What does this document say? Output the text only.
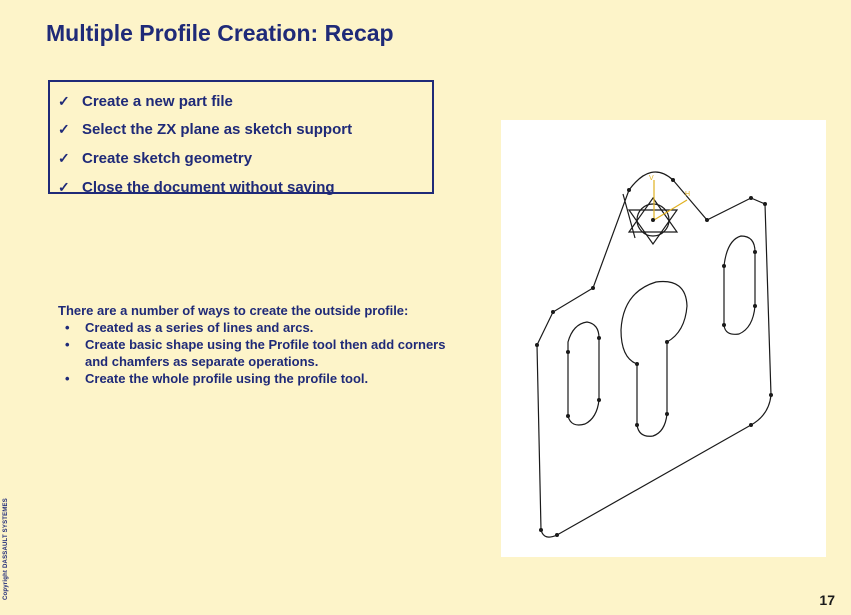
Multiple Profile Creation: Recap
✓ Create a new part file
✓ Select the ZX plane as sketch support
✓ Create sketch geometry
✓ Close the document without saving
There are a number of ways to create the outside profile:
• Created as a series of lines and arcs.
• Create basic shape using the Profile tool then add corners and chamfers as separate operations.
• Create the whole profile using the profile tool.
V
H
Copyright DASSAULT SYSTEMES	17
